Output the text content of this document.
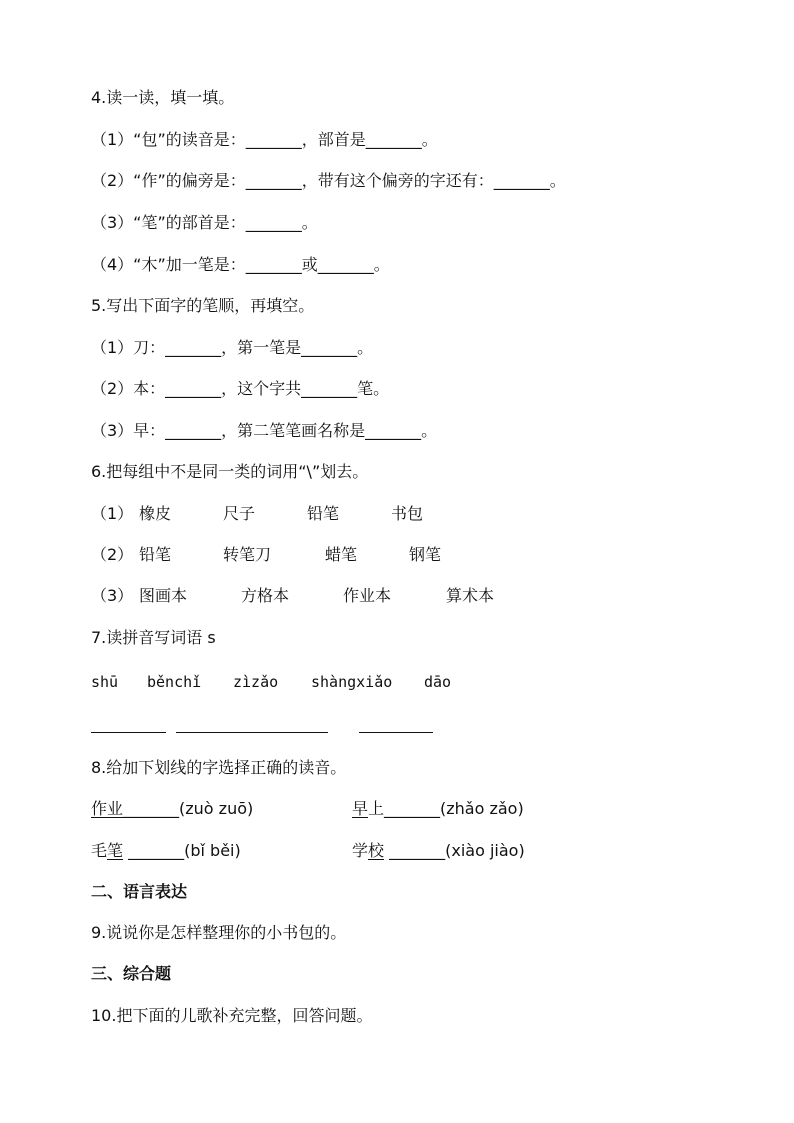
4.读一读，填一填。

（1）“包”的读音是：_______，部首是_______。

（2）“作”的偏旁是：_______，带有这个偏旁的字还有：_______。

（3）“笔”的部首是：_______。

（4）“木”加一笔是：_______或_______。

5.写出下面字的笔顺，再填空。

（1）刀：_______，第一笔是_______。

（2）本：_______，这个字共_______笔。

（3）早：_______，第二笔笔画名称是_______。

6.把每组中不是同一类的词用“\”划去。

（1） 橡皮	尺子	铅笔	书包
（2） 铅笔	转笔刀	蜡笔	钢笔
（3） 图画本	方格本	作业本	算术本

7.读拼音写词语 s

shū běnchǐ zìzǎo shàngxiǎo dāo

8.给加下划线的字选择正确的读音。

作业_______(zuò zuō)	早上_______(zhǎo zǎo)

毛笔 _______(bǐ běi)	学校 _______(xiào jiào)

二、语言表达

9.说说你是怎样整理你的小书包的。

三、综合题

10.把下面的儿歌补充完整，回答问题。
